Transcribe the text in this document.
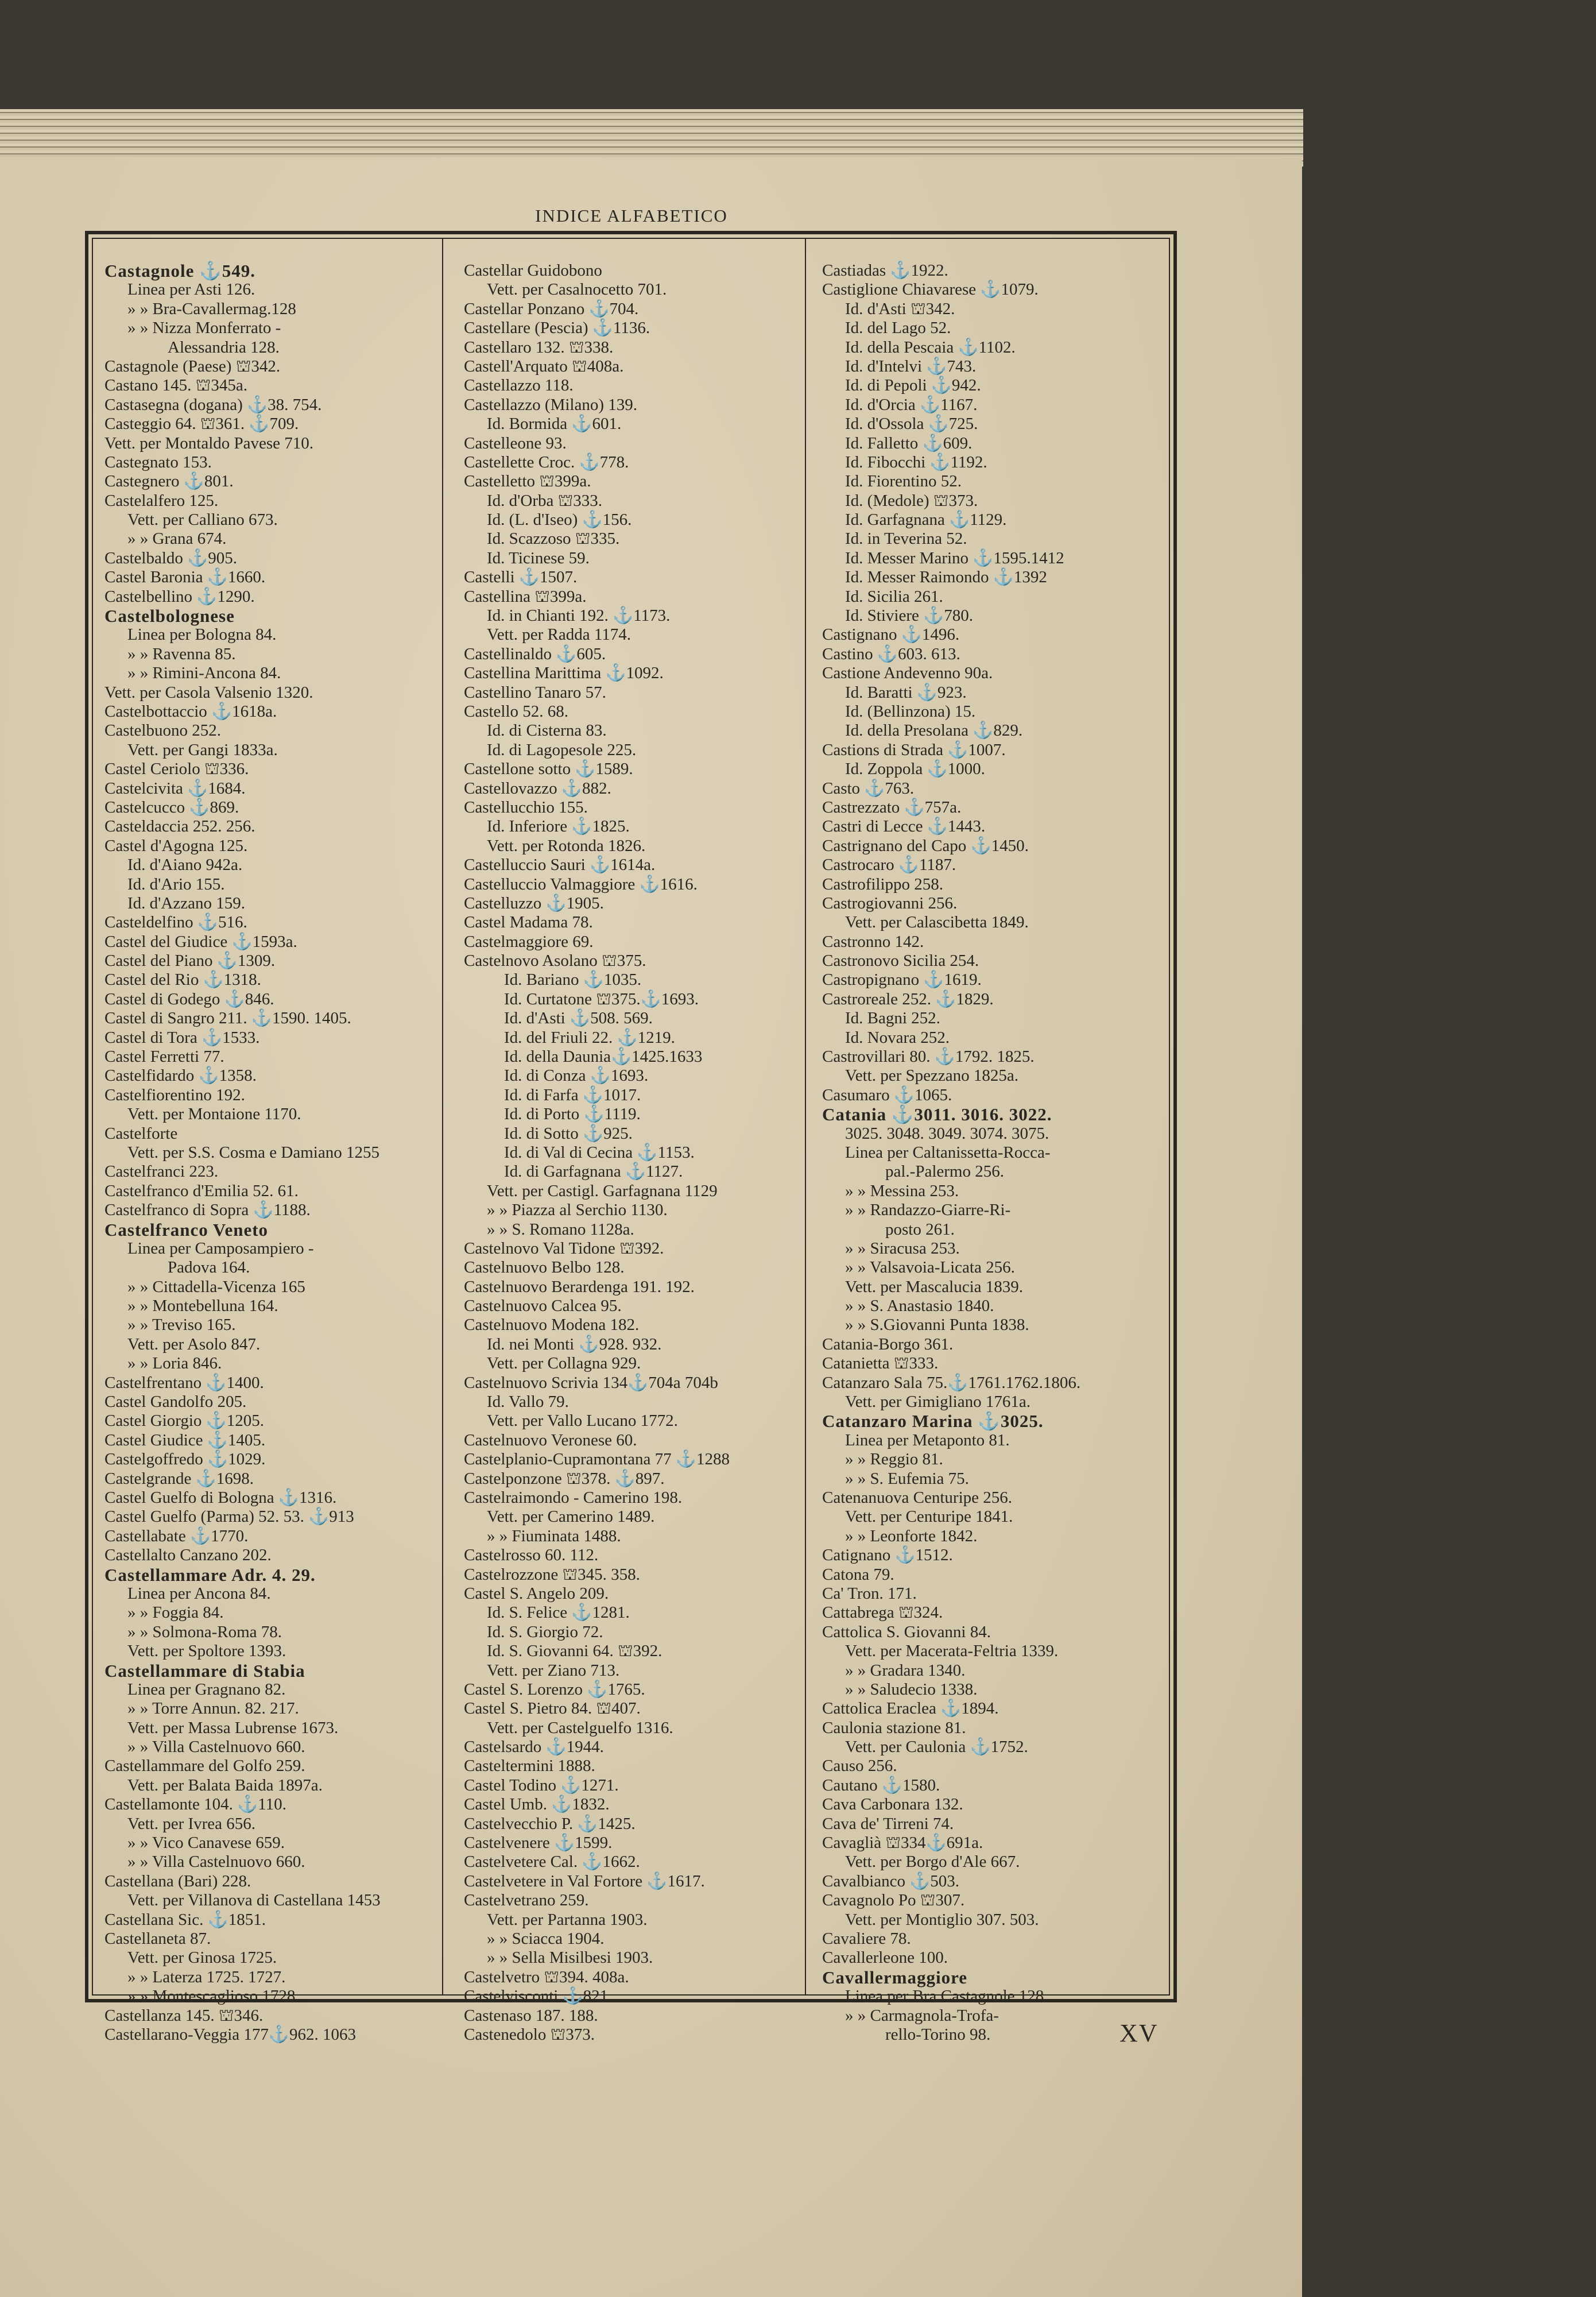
INDICE ALFABETICO
Castagnole ⚓549.
Linea per Asti 126.
» » Bra-Cavallermag.128
» » Nizza Monferrato -
Alessandria 128.
Castagnole (Paese) ⛫342.
Castano 145. ⛫345a.
Castasegna (dogana) ⚓38. 754.
Casteggio 64. ⛫361. ⚓709.
Vett. per Montaldo Pavese 710.
Castegnato 153.
Castegnero ⚓801.
Castelalfero 125.
Vett. per Calliano 673.
» » Grana 674.
Castelbaldo ⚓905.
Castel Baronia ⚓1660.
Castelbellino ⚓1290.
Castelbolognese
Linea per Bologna 84.
» » Ravenna 85.
» » Rimini-Ancona 84.
Vett. per Casola Valsenio 1320.
Castelbottaccio ⚓1618a.
Castelbuono 252.
Vett. per Gangi 1833a.
Castel Ceriolo ⛫336.
Castelcivita ⚓1684.
Castelcucco ⚓869.
Casteldaccia 252. 256.
Castel d'Agogna 125.
Id. d'Aiano 942a.
Id. d'Ario 155.
Id. d'Azzano 159.
Casteldelfino ⚓516.
Castel del Giudice ⚓1593a.
Castel del Piano ⚓1309.
Castel del Rio ⚓1318.
Castel di Godego ⚓846.
Castel di Sangro 211. ⚓1590. 1405.
Castel di Tora ⚓1533.
Castel Ferretti 77.
Castelfidardo ⚓1358.
Castelfiorentino 192.
Vett. per Montaione 1170.
Castelforte
Vett. per S.S. Cosma e Damiano 1255
Castelfranci 223.
Castelfranco d'Emilia 52. 61.
Castelfranco di Sopra ⚓1188.
Castelfranco Veneto
Linea per Camposampiero -
Padova 164.
» » Cittadella-Vicenza 165
» » Montebelluna 164.
» » Treviso 165.
Vett. per Asolo 847.
» » Loria 846.
Castelfrentano ⚓1400.
Castel Gandolfo 205.
Castel Giorgio ⚓1205.
Castel Giudice ⚓1405.
Castelgoffredo ⚓1029.
Castelgrande ⚓1698.
Castel Guelfo di Bologna ⚓1316.
Castel Guelfo (Parma) 52. 53. ⚓913
Castellabate ⚓1770.
Castellalto Canzano 202.
Castellammare Adr. 4. 29.
Linea per Ancona 84.
» » Foggia 84.
» » Solmona-Roma 78.
Vett. per Spoltore 1393.
Castellammare di Stabia
Linea per Gragnano 82.
» » Torre Annun. 82. 217.
Vett. per Massa Lubrense 1673.
» » Villa Castelnuovo 660.
Castellammare del Golfo 259.
Vett. per Balata Baida 1897a.
Castellamonte 104. ⚓110.
Vett. per Ivrea 656.
» » Vico Canavese 659.
» » Villa Castelnuovo 660.
Castellana (Bari) 228.
Vett. per Villanova di Castellana 1453
Castellana Sic. ⚓1851.
Castellaneta 87.
Vett. per Ginosa 1725.
» » Laterza 1725. 1727.
» » Montescaglioso 1728.
Castellanza 145. ⛫346.
Castellarano-Veggia 177⚓962. 1063
Castellar Guidobono
Vett. per Casalnocetto 701.
Castellar Ponzano ⚓704.
Castellare (Pescia) ⚓1136.
Castellaro 132. ⛫338.
Castell'Arquato ⛫408a.
Castellazzo 118.
Castellazzo (Milano) 139.
Id. Bormida ⚓601.
Castelleone 93.
Castellette Croc. ⚓778.
Castelletto ⛫399a.
Id. d'Orba ⛫333.
Id. (L. d'Iseo) ⚓156.
Id. Scazzoso ⛫335.
Id. Ticinese 59.
Castelli ⚓1507.
Castellina ⛫399a.
Id. in Chianti 192. ⚓1173.
Vett. per Radda 1174.
Castellinaldo ⚓605.
Castellina Marittima ⚓1092.
Castellino Tanaro 57.
Castello 52. 68.
Id. di Cisterna 83.
Id. di Lagopesole 225.
Castellone sotto ⚓1589.
Castellovazzo ⚓882.
Castellucchio 155.
Id. Inferiore ⚓1825.
Vett. per Rotonda 1826.
Castelluccio Sauri ⚓1614a.
Castelluccio Valmaggiore ⚓1616.
Castelluzzo ⚓1905.
Castel Madama 78.
Castelmaggiore 69.
Castelnovo Asolano ⛫375.
Id. Bariano ⚓1035.
Id. Curtatone ⛫375.⚓1693.
Id. d'Asti ⚓508. 569.
Id. del Friuli 22. ⚓1219.
Id. della Daunia⚓1425.1633
Id. di Conza ⚓1693.
Id. di Farfa ⚓1017.
Id. di Porto ⚓1119.
Id. di Sotto ⚓925.
Id. di Val di Cecina ⚓1153.
Id. di Garfagnana ⚓1127.
Vett. per Castigl. Garfagnana 1129
» » Piazza al Serchio 1130.
» » S. Romano 1128a.
Castelnovo Val Tidone ⛫392.
Castelnuovo Belbo 128.
Castelnuovo Berardenga 191. 192.
Castelnuovo Calcea 95.
Castelnuovo Modena 182.
Id. nei Monti ⚓928. 932.
Vett. per Collagna 929.
Castelnuovo Scrivia 134⚓704a 704b
Id. Vallo 79.
Vett. per Vallo Lucano 1772.
Castelnuovo Veronese 60.
Castelplanio-Cupramontana 77 ⚓1288
Castelponzone ⛫378. ⚓897.
Castelraimondo - Camerino 198.
Vett. per Camerino 1489.
» » Fiuminata 1488.
Castelrosso 60. 112.
Castelrozzone ⛫345. 358.
Castel S. Angelo 209.
Id. S. Felice ⚓1281.
Id. S. Giorgio 72.
Id. S. Giovanni 64. ⛫392.
Vett. per Ziano 713.
Castel S. Lorenzo ⚓1765.
Castel S. Pietro 84. ⛫407.
Vett. per Castelguelfo 1316.
Castelsardo ⚓1944.
Casteltermini 1888.
Castel Todino ⚓1271.
Castel Umb. ⚓1832.
Castelvecchio P. ⚓1425.
Castelvenere ⚓1599.
Castelvetere Cal. ⚓1662.
Castelvetere in Val Fortore ⚓1617.
Castelvetrano 259.
Vett. per Partanna 1903.
» » Sciacca 1904.
» » Sella Misilbesi 1903.
Castelvetro ⛫394. 408a.
Castelvisconti ⚓821.
Castenaso 187. 188.
Castenedolo ⛫373.
Castiadas ⚓1922.
Castiglione Chiavarese ⚓1079.
Id. d'Asti ⛫342.
Id. del Lago 52.
Id. della Pescaia ⚓1102.
Id. d'Intelvi ⚓743.
Id. di Pepoli ⚓942.
Id. d'Orcia ⚓1167.
Id. d'Ossola ⚓725.
Id. Falletto ⚓609.
Id. Fibocchi ⚓1192.
Id. Fiorentino 52.
Id. (Medole) ⛫373.
Id. Garfagnana ⚓1129.
Id. in Teverina 52.
Id. Messer Marino ⚓1595.1412
Id. Messer Raimondo ⚓1392
Id. Sicilia 261.
Id. Stiviere ⚓780.
Castignano ⚓1496.
Castino ⚓603. 613.
Castione Andevenno 90a.
Id. Baratti ⚓923.
Id. (Bellinzona) 15.
Id. della Presolana ⚓829.
Castions di Strada ⚓1007.
Id. Zoppola ⚓1000.
Casto ⚓763.
Castrezzato ⚓757a.
Castri di Lecce ⚓1443.
Castrignano del Capo ⚓1450.
Castrocaro ⚓1187.
Castrofilippo 258.
Castrogiovanni 256.
Vett. per Calascibetta 1849.
Castronno 142.
Castronovo Sicilia 254.
Castropignano ⚓1619.
Castroreale 252. ⚓1829.
Id. Bagni 252.
Id. Novara 252.
Castrovillari 80. ⚓1792. 1825.
Vett. per Spezzano 1825a.
Casumaro ⚓1065.
Catania ⚓3011. 3016. 3022.
3025. 3048. 3049. 3074. 3075.
Linea per Caltanissetta-Rocca-
pal.-Palermo 256.
» » Messina 253.
» » Randazzo-Giarre-Ri-
posto 261.
» » Siracusa 253.
» » Valsavoia-Licata 256.
Vett. per Mascalucia 1839.
» » S. Anastasio 1840.
» » S.Giovanni Punta 1838.
Catania-Borgo 361.
Catanietta ⛫333.
Catanzaro Sala 75.⚓1761.1762.1806.
Vett. per Gimigliano 1761a.
Catanzaro Marina ⚓3025.
Linea per Metaponto 81.
» » Reggio 81.
» » S. Eufemia 75.
Catenanuova Centuripe 256.
Vett. per Centuripe 1841.
» » Leonforte 1842.
Catignano ⚓1512.
Catona 79.
Ca' Tron. 171.
Cattabrega ⛫324.
Cattolica S. Giovanni 84.
Vett. per Macerata-Feltria 1339.
» » Gradara 1340.
» » Saludecio 1338.
Cattolica Eraclea ⚓1894.
Caulonia stazione 81.
Vett. per Caulonia ⚓1752.
Causo 256.
Cautano ⚓1580.
Cava Carbonara 132.
Cava de' Tirreni 74.
Cavaglià ⛫334⚓691a.
Vett. per Borgo d'Ale 667.
Cavalbianco ⚓503.
Cavagnolo Po ⛫307.
Vett. per Montiglio 307. 503.
Cavaliere 78.
Cavallerleone 100.
Cavallermaggiore
Linea per Bra Castagnole 128.
» » Carmagnola-Trofa-
rello-Torino 98.	XV
